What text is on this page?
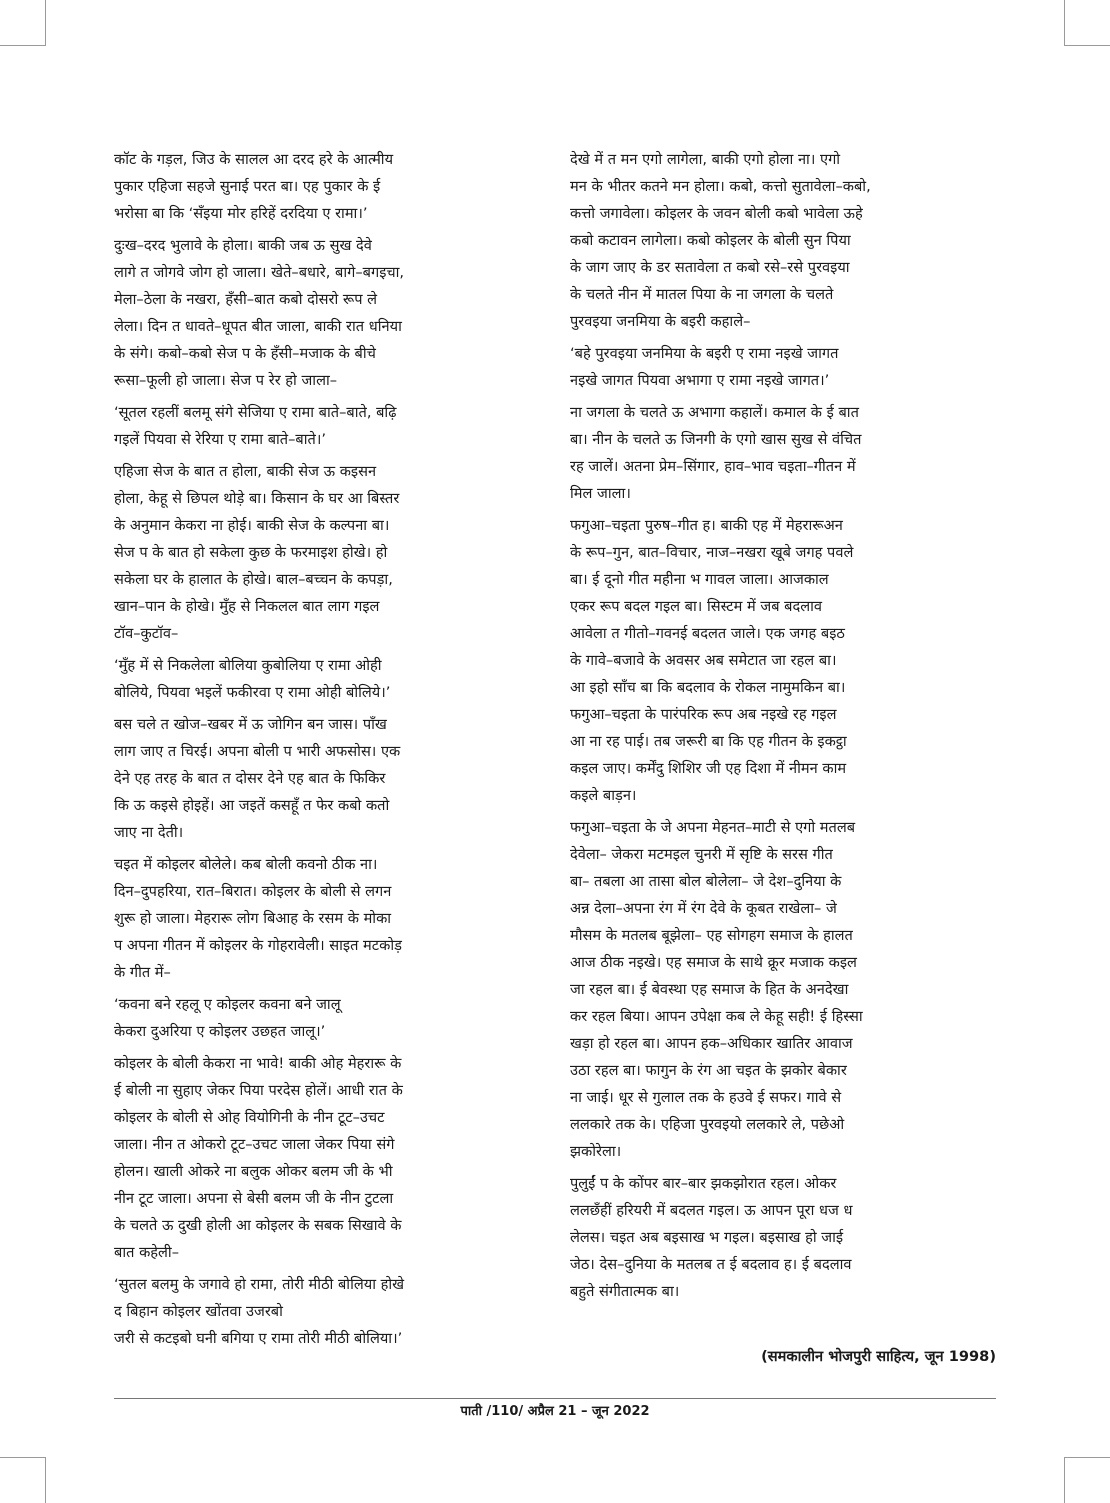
कॉट के गड़ल, जिउ के सालल आ दरद हरे के आत्मीय
पुकार एहिजा सहजे सुनाई परत बा। एह पुकार के ई
भरोसा बा कि ‘सँइया मोर हरिहें दरदिया ए रामा।’

दुःख–दरद भुलावे के होला। बाकी जब ऊ सुख देवे
लागे त जोगवे जोग हो जाला। खेते–बधारे, बागे–बगइचा,
मेला–ठेला के नखरा, हँसी–बात कबो दोसरो रूप ले
लेला। दिन त धावते–धूपत बीत जाला, बाकी रात धनिया
के संगे। कबो–कबो सेज प के हँसी–मजाक के बीचे
रूसा–फूली हो जाला। सेज प रेर हो जाला–

‘सूतल रहलीं बलमू संगे सेजिया ए रामा बाते–बाते, बढ़ि
गइलें पियवा से रेरिया ए रामा बाते–बाते।’

एहिजा सेज के बात त होला, बाकी सेज ऊ कइसन
होला, केहू से छिपल थोड़े बा। किसान के घर आ बिस्तर
के अनुमान केकरा ना होई। बाकी सेज के कल्पना बा।
सेज प के बात हो सकेला कुछ के फरमाइश होखे। हो
सकेला घर के हालात के होखे। बाल–बच्चन के कपड़ा,
खान–पान के होखे। मुँह से निकलल बात लाग गइल
टॉव–कुटॉव–

‘मुँह में से निकलेला बोलिया कुबोलिया ए रामा ओही
बोलिये, पियवा भइलें फकीरवा ए रामा ओही बोलिये।’

बस चले त खोज–खबर में ऊ जोगिन बन जास। पाँख
लाग जाए त चिरई। अपना बोली प भारी अफसोस। एक
देने एह तरह के बात त दोसर देने एह बात के फिकिर
कि ऊ कइसे होइहें। आ जइतें कसहूँ त फेर कबो कतो
जाए ना देती।

चइत में कोइलर बोलेले। कब बोली कवनो ठीक ना।
दिन–दुपहरिया, रात–बिरात। कोइलर के बोली से लगन
शुरू हो जाला। मेहरारू लोग बिआह के रसम के मोका
प अपना गीतन में कोइलर के गोहरावेली। साइत मटकोड़
के गीत में–

‘कवना बने रहलू ए कोइलर कवना बने जालू
केकरा दुअरिया ए कोइलर उछहत जालू।’

कोइलर के बोली केकरा ना भावे! बाकी ओह मेहरारू के
ई बोली ना सुहाए जेकर पिया परदेस होलें। आधी रात के
कोइलर के बोली से ओह वियोगिनी के नीन टूट–उचट
जाला। नीन त ओकरो टूट–उचट जाला जेकर पिया संगे
होलन। खाली ओकरे ना बलुक ओकर बलम जी के भी
नीन टूट जाला। अपना से बेसी बलम जी के नीन टुटला
के चलते ऊ दुखी होली आ कोइलर के सबक सिखावे के
बात कहेली–

‘सुतल बलमु के जगावे हो रामा, तोरी मीठी बोलिया होखे
द बिहान कोइलर खोंतवा उजरबो
जरी से कटइबो घनी बगिया ए रामा तोरी मीठी बोलिया।’

देखे में त मन एगो लागेला, बाकी एगो होला ना। एगो
मन के भीतर कतने मन होला। कबो, कत्तो सुतावेला–कबो,
कत्तो जगावेला। कोइलर के जवन बोली कबो भावेला ऊहे
कबो कटावन लागेला। कबो कोइलर के बोली सुन पिया
के जाग जाए के डर सतावेला त कबो रसे–रसे पुरवइया
के चलते नीन में मातल पिया के ना जगला के चलते
पुरवइया जनमिया के बइरी कहाले–

‘बहे पुरवइया जनमिया के बइरी ए रामा नइखे जागत
नइखे जागत पियवा अभागा ए रामा नइखे जागत।’

ना जगला के चलते ऊ अभागा कहालें। कमाल के ई बात
बा। नीन के चलते ऊ जिनगी के एगो खास सुख से वंचित
रह जालें। अतना प्रेम–सिंगार, हाव–भाव चइता–गीतन में
मिल जाला।

फगुआ–चइता पुरुष–गीत ह। बाकी एह में मेहरारूअन
के रूप–गुन, बात–विचार, नाज–नखरा खूबे जगह पवले
बा। ई दूनो गीत महीना भ गावल जाला। आजकाल
एकर रूप बदल गइल बा। सिस्टम में जब बदलाव
आवेला त गीतो–गवनई बदलत जाले। एक जगह बइठ
के गावे–बजावे के अवसर अब समेटात जा रहल बा।
आ इहो साँच बा कि बदलाव के रोकल नामुमकिन बा।
फगुआ–चइता के पारंपरिक रूप अब नइखे रह गइल
आ ना रह पाई। तब जरूरी बा कि एह गीतन के इकट्ठा
कइल जाए। कर्मेंदु शिशिर जी एह दिशा में नीमन काम
कइले बाड़न।

फगुआ–चइता के जे अपना मेहनत–माटी से एगो मतलब
देवेला– जेकरा मटमइल चुनरी में सृष्टि के सरस गीत
बा– तबला आ तासा बोल बोलेला– जे देश–दुनिया के
अन्न देला–अपना रंग में रंग देवे के कूबत राखेला– जे
मौसम के मतलब बूझेला– एह सोगहग समाज के हालत
आज ठीक नइखे। एह समाज के साथे क्रूर मजाक कइल
जा रहल बा। ई बेवस्था एह समाज के हित के अनदेखा
कर रहल बिया। आपन उपेक्षा कब ले केहू सही! ई हिस्सा
खड़ा हो रहल बा। आपन हक–अधिकार खातिर आवाज
उठा रहल बा। फागुन के रंग आ चइत के झकोर बेकार
ना जाई। धूर से गुलाल तक के हउवे ई सफर। गावे से
ललकारे तक के। एहिजा पुरवइयो ललकारे ले, पछेओ
झकोरेला।

पुलुईं प के कोंपर बार–बार झकझोरात रहल। ओकर
ललछँहीं हरियरी में बदलत गइल। ऊ आपन पूरा धज ध
लेलस। चइत अब बइसाख भ गइल। बइसाख हो जाई
जेठ। देस–दुनिया के मतलब त ई बदलाव ह। ई बदलाव
बहुते संगीतात्मक बा।

(समकालीन भोजपुरी साहित्य, जून 1998)
पाती /110/ अप्रैल 21 – जून 2022
